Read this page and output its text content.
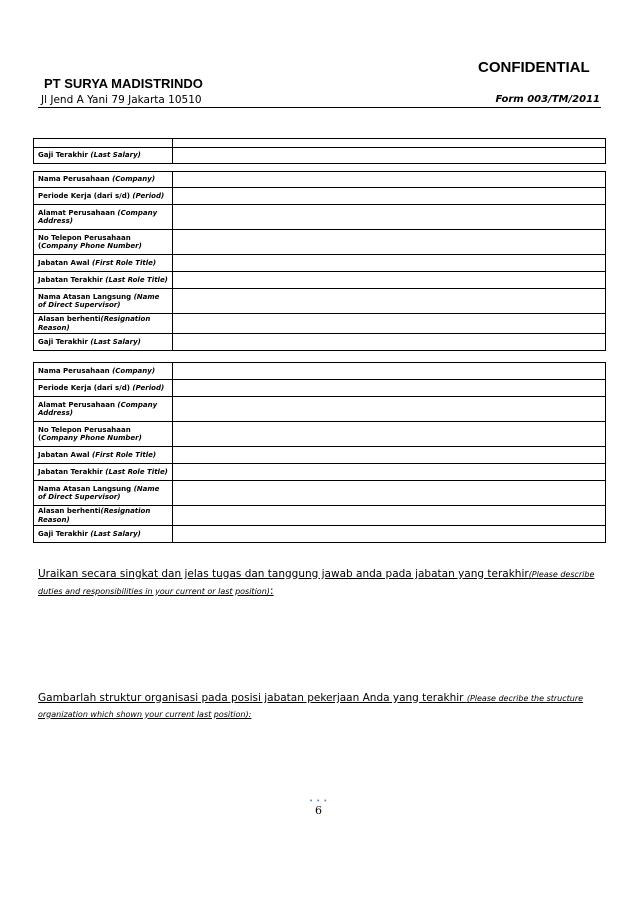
CONFIDENTIAL
PT SURYA MADISTRINDO
Jl Jend A Yani 79 Jakarta 10510	Form 003/TM/2011

Gaji Terakhir (Last Salary)	
Nama Perusahaan (Company)	
Periode Kerja (dari s/d) (Period)	
Alamat Perusahaan (Company Address)	
No Telepon Perusahaan (Company Phone Number)	
Jabatan Awal (First Role Title)	
Jabatan Terakhir (Last Role Title)	
Nama Atasan Langsung (Name of Direct Supervisor)	
Alasan berhenti(Resignation Reason)	
Gaji Terakhir (Last Salary)	
Nama Perusahaan (Company)	
Periode Kerja (dari s/d) (Period)	
Alamat Perusahaan (Company Address)	
No Telepon Perusahaan (Company Phone Number)	
Jabatan Awal (First Role Title)	
Jabatan Terakhir (Last Role Title)	
Nama Atasan Langsung (Name of Direct Supervisor)	
Alasan berhenti(Resignation Reason)	
Gaji Terakhir (Last Salary)	
Uraikan secara singkat dan jelas tugas dan tanggung jawab anda pada jabatan yang terakhir(Please describe duties and responsibilities in your current or last position):
Gambarlah struktur organisasi pada posisi jabatan pekerjaan Anda yang terakhir (Please decribe the structure organization which shown your current last position):
•••
6
